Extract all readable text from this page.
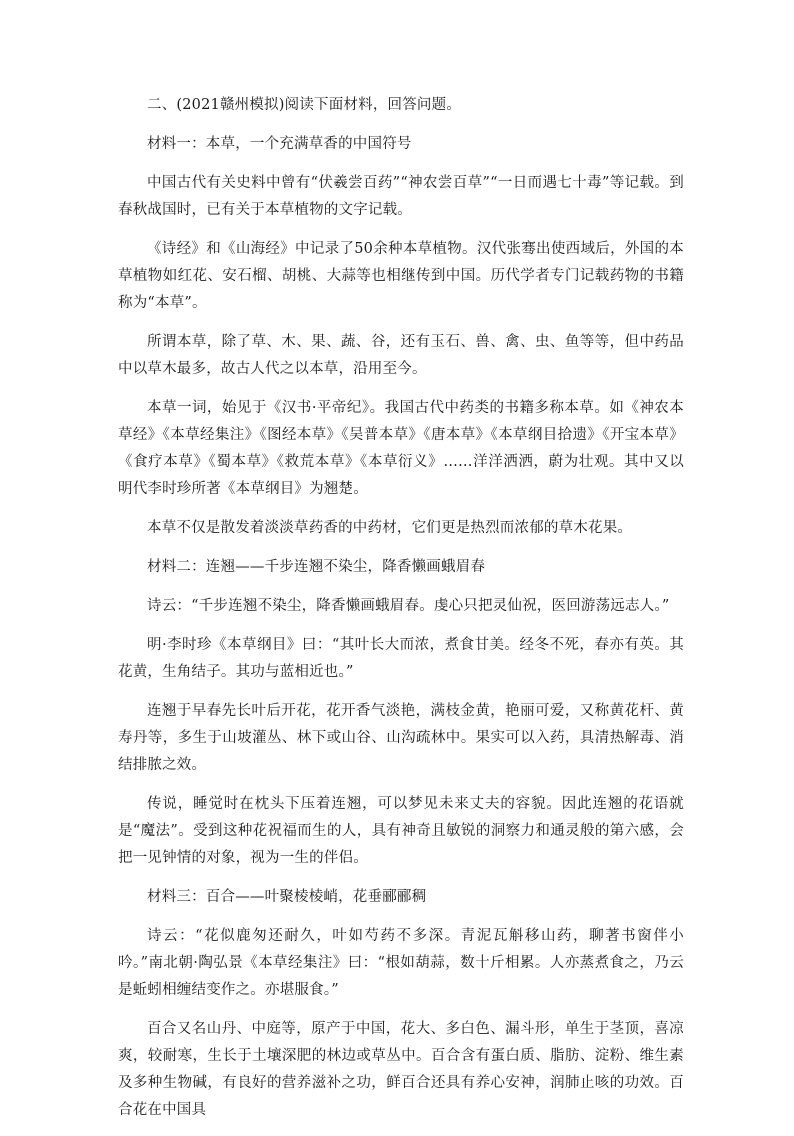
二、(2021赣州模拟)阅读下面材料，回答问题。

材料一：本草，一个充满草香的中国符号

中国古代有关史料中曾有“伏羲尝百药”“神农尝百草”“一日而遇七十毒”等记载。到春秋战国时，已有关于本草植物的文字记载。

《诗经》和《山海经》中记录了50余种本草植物。汉代张骞出使西域后，外国的本草植物如红花、安石榴、胡桃、大蒜等也相继传到中国。历代学者专门记载药物的书籍称为“本草”。

所谓本草，除了草、木、果、蔬、谷，还有玉石、兽、禽、虫、鱼等等，但中药品中以草木最多，故古人代之以本草，沿用至今。

本草一词，始见于《汉书·平帝纪》。我国古代中药类的书籍多称本草。如《神农本草经》《本草经集注》《图经本草》《吴普本草》《唐本草》《本草纲目拾遗》《开宝本草》《食疗本草》《蜀本草》《救荒本草》《本草衍义》……洋洋洒洒，蔚为壮观。其中又以明代李时珍所著《本草纲目》为翘楚。

本草不仅是散发着淡淡草药香的中药材，它们更是热烈而浓郁的草木花果。

材料二：连翘——千步连翘不染尘，降香懒画蛾眉春

诗云：“千步连翘不染尘，降香懒画蛾眉春。虔心只把灵仙祝，医回游荡远志人。”

明·李时珍《本草纲目》曰：“其叶长大而浓，煮食甘美。经冬不死，春亦有英。其花黄，生角结子。其功与蓝相近也。”

连翘于早春先长叶后开花，花开香气淡艳，满枝金黄，艳丽可爱，又称黄花杆、黄寿丹等，多生于山坡灌丛、林下或山谷、山沟疏林中。果实可以入药，具清热解毒、消结排脓之效。

传说，睡觉时在枕头下压着连翘，可以梦见未来丈夫的容貌。因此连翘的花语就是“魔法”。受到这种花祝福而生的人，具有神奇且敏锐的洞察力和通灵般的第六感，会把一见钟情的对象，视为一生的伴侣。

材料三：百合——叶聚棱棱峭，花垂郦郦稠

诗云：“花似鹿匆还耐久，叶如芍药不多深。青泥瓦斛移山药，聊著书窗伴小吟。”南北朝·陶弘景《本草经集注》曰：“根如葫蒜，数十斤相累。人亦蒸煮食之，乃云是蚯蚓相缠结变作之。亦堪服食。”

百合又名山丹、中庭等，原产于中国，花大、多白色、漏斗形，单生于茎顶，喜凉爽，较耐寒，生长于土壤深肥的林边或草丛中。百合含有蛋白质、脂肪、淀粉、维生素及多种生物碱，有良好的营养滋补之功，鲜百合还具有养心安神，润肺止咳的功效。百合花在中国具
